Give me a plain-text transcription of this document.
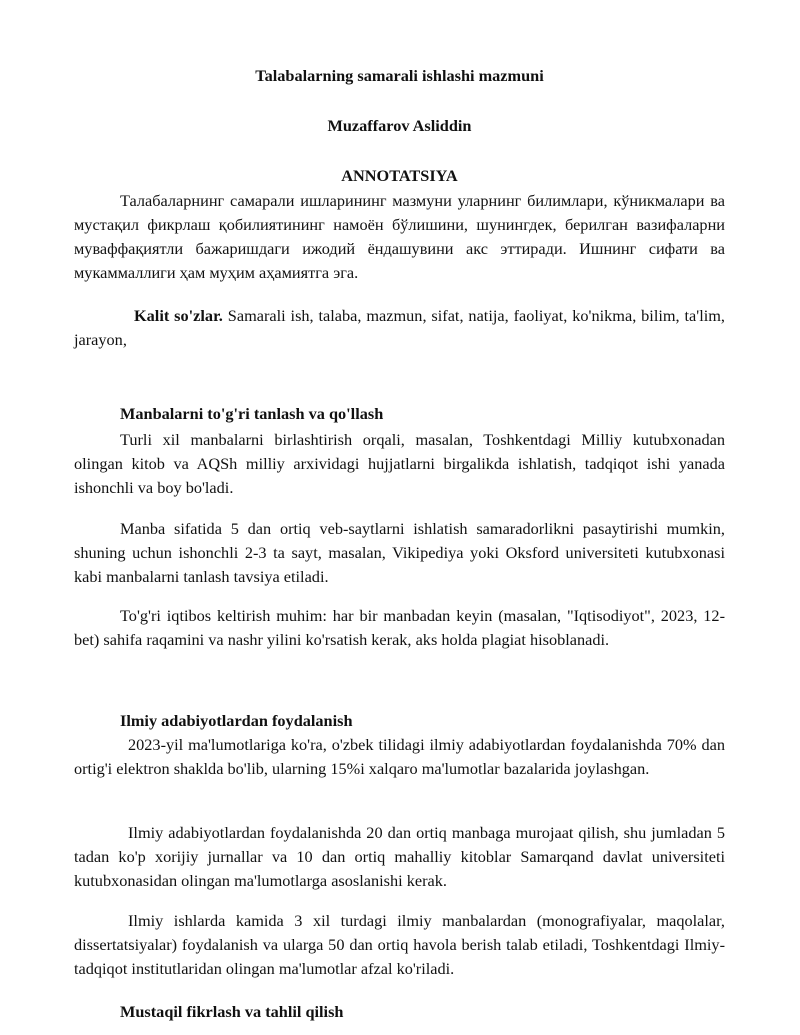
Talabalarning samarali ishlashi mazmuni
Muzaffarov Asliddin
ANNOTATSIYA

Талабаларнинг самарали ишларининг мазмуни уларнинг билимлари, кўникмалари ва мустақил фикрлаш қобилиятининг намоён бўлишини, шунингдек, берилган вазифаларни муваффақиятли бажаришдаги ижодий ёндашувини акс эттиради. Ишнинг сифати ва мукаммаллиги ҳам муҳим аҳамиятга эга.

Kalit so'zlar. Samarali ish, talaba, mazmun, sifat, natija, faoliyat, ko'nikma, bilim, ta'lim, jarayon,

Manbalarni to'g'ri tanlash va qo'llash

Turli xil manbalarni birlashtirish orqali, masalan, Toshkentdagi Milliy kutubxonadan olingan kitob va AQSh milliy arxividagi hujjatlarni birgalikda ishlatish, tadqiqot ishi yanada ishonchli va boy bo'ladi.

Manba sifatida 5 dan ortiq veb-saytlarni ishlatish samaradorlikni pasaytirishi mumkin, shuning uchun ishonchli 2-3 ta sayt, masalan, Vikipediya yoki Oksford universiteti kutubxonasi kabi manbalarni tanlash tavsiya etiladi.

To'g'ri iqtibos keltirish muhim: har bir manbadan keyin (masalan, "Iqtisodiyot", 2023, 12-bet) sahifa raqamini va nashr yilini ko'rsatish kerak, aks holda plagiat hisoblanadi.

Ilmiy adabiyotlardan foydalanish

2023-yil ma'lumotlariga ko'ra, o'zbek tilidagi ilmiy adabiyotlardan foydalanishda 70% dan ortig'i elektron shaklda bo'lib, ularning 15%i xalqaro ma'lumotlar bazalarida joylashgan.

Ilmiy adabiyotlardan foydalanishda 20 dan ortiq manbaga murojaat qilish, shu jumladan 5 tadan ko'p xorijiy jurnallar va 10 dan ortiq mahalliy kitoblar Samarqand davlat universiteti kutubxonasidan olingan ma'lumotlarga asoslanishi kerak.

Ilmiy ishlarda kamida 3 xil turdagi ilmiy manbalardan (monografiyalar, maqolalar, dissertatsiyalar) foydalanish va ularga 50 dan ortiq havola berish talab etiladi, Toshkentdagi Ilmiy-tadqiqot institutlaridan olingan ma'lumotlar afzal ko'riladi.

Mustaqil fikrlash va tahlil qilish
